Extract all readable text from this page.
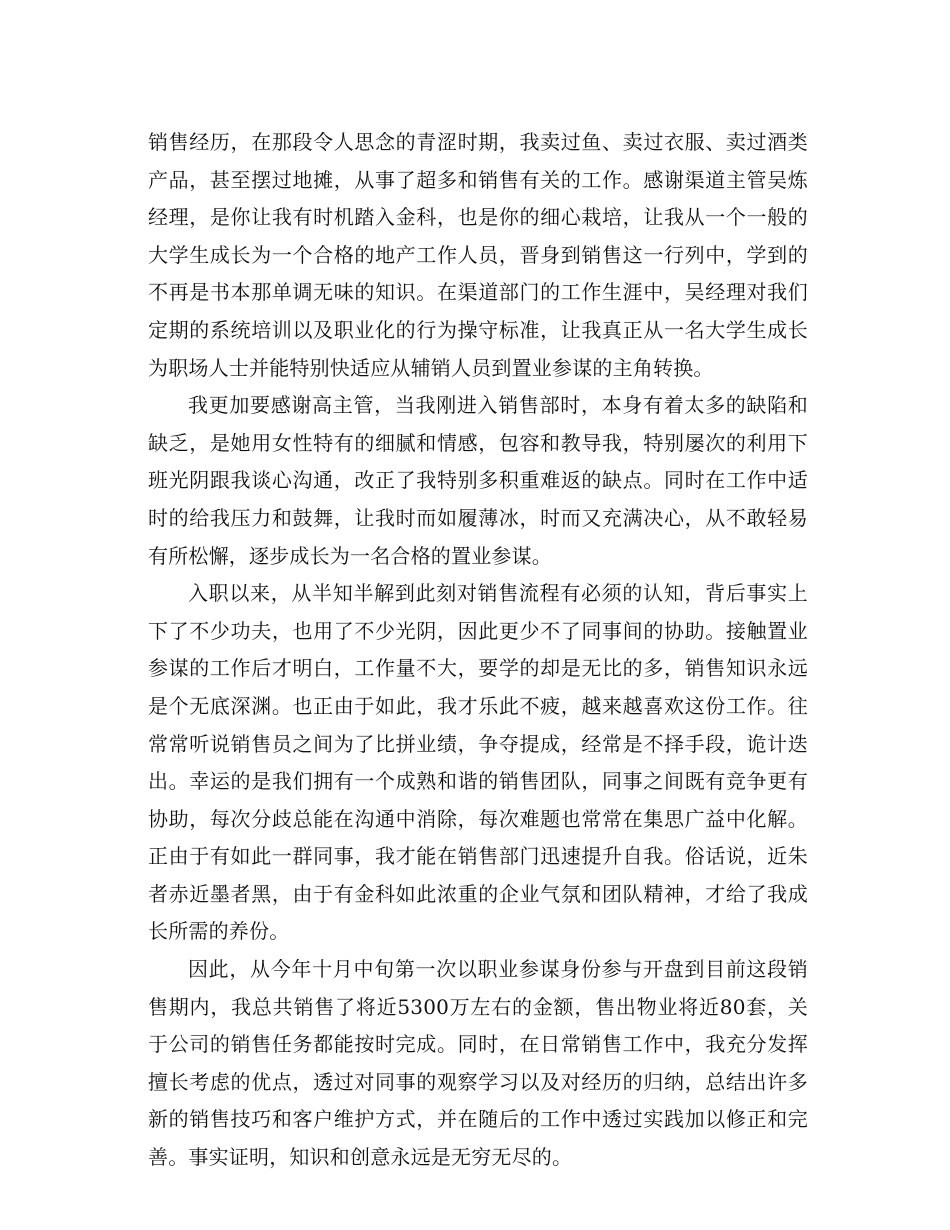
销售经历，在那段令人思念的青涩时期，我卖过鱼、卖过衣服、卖过酒类产品，甚至摆过地摊，从事了超多和销售有关的工作。感谢渠道主管吴炼经理，是你让我有时机踏入金科，也是你的细心栽培，让我从一个一般的大学生成长为一个合格的地产工作人员，晋身到销售这一行列中，学到的不再是书本那单调无味的知识。在渠道部门的工作生涯中，吴经理对我们定期的系统培训以及职业化的行为操守标准，让我真正从一名大学生成长为职场人士并能特别快适应从辅销人员到置业参谋的主角转换。

我更加要感谢高主管，当我刚进入销售部时，本身有着太多的缺陷和缺乏，是她用女性特有的细腻和情感，包容和教导我，特别屡次的利用下班光阴跟我谈心沟通，改正了我特别多积重难返的缺点。同时在工作中适时的给我压力和鼓舞，让我时而如履薄冰，时而又充满决心，从不敢轻易有所松懈，逐步成长为一名合格的置业参谋。

入职以来，从半知半解到此刻对销售流程有必须的认知，背后事实上下了不少功夫，也用了不少光阴，因此更少不了同事间的协助。接触置业参谋的工作后才明白，工作量不大，要学的却是无比的多，销售知识永远是个无底深渊。也正由于如此，我才乐此不疲，越来越喜欢这份工作。往常常听说销售员之间为了比拼业绩，争夺提成，经常是不择手段，诡计迭出。幸运的是我们拥有一个成熟和谐的销售团队，同事之间既有竞争更有协助，每次分歧总能在沟通中消除，每次难题也常常在集思广益中化解。正由于有如此一群同事，我才能在销售部门迅速提升自我。俗话说，近朱者赤近墨者黑，由于有金科如此浓重的企业气氛和团队精神，才给了我成长所需的养份。

因此，从今年十月中旬第一次以职业参谋身份参与开盘到目前这段销售期内，我总共销售了将近5300万左右的金额，售出物业将近80套，关于公司的销售任务都能按时完成。同时，在日常销售工作中，我充分发挥擅长考虑的优点，透过对同事的观察学习以及对经历的归纳，总结出许多新的销售技巧和客户维护方式，并在随后的工作中透过实践加以修正和完善。事实证明，知识和创意永远是无穷无尽的。
